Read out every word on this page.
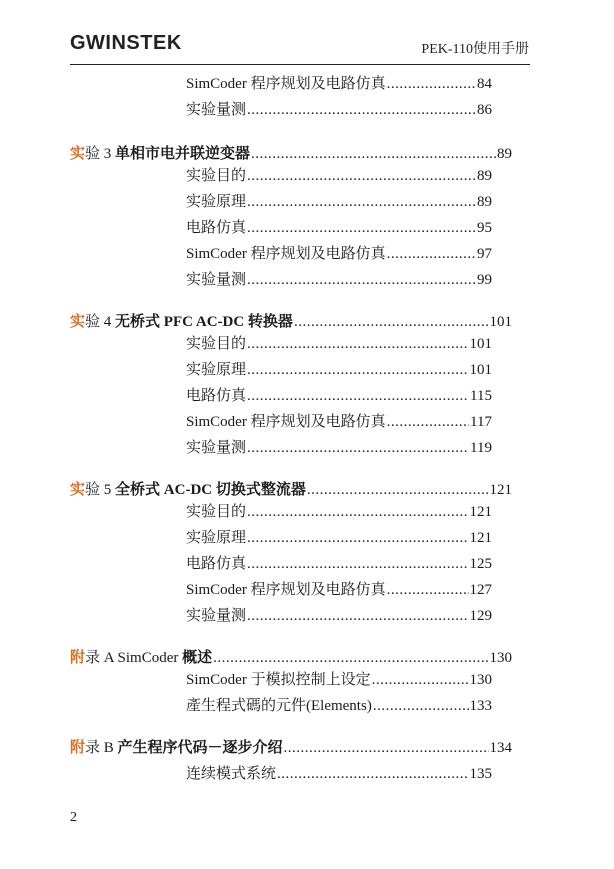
GWINSTEK	PEK-110使用手册
SimCoder 程序规划及电路仿真 .....	84
实验量测 .....	86
实验 3 单相市电并联逆变器 .....	89
实验目的 .....	89
实验原理 .....	89
电路仿真 .....	95
SimCoder 程序规划及电路仿真 .....	97
实验量测 .....	99
实验 4 无桥式 PFC AC-DC 转换器 .....	101
实验目的 .....	101
实验原理 .....	101
电路仿真 .....	115
SimCoder 程序规划及电路仿真 .....	117
实验量测 .....	119
实验 5 全桥式 AC-DC 切换式整流器 .....	121
实验目的 .....	121
实验原理 .....	121
电路仿真 .....	125
SimCoder 程序规划及电路仿真 .....	127
实验量测 .....	129
附录 A SimCoder 概述 .....	130
SimCoder 于模拟控制上设定 .....	130
產生程式碼的元件(Elements) .....	133
附录 B 产生程序代码－逐步介绍 .....	134
连续模式系统 .....	135
2
